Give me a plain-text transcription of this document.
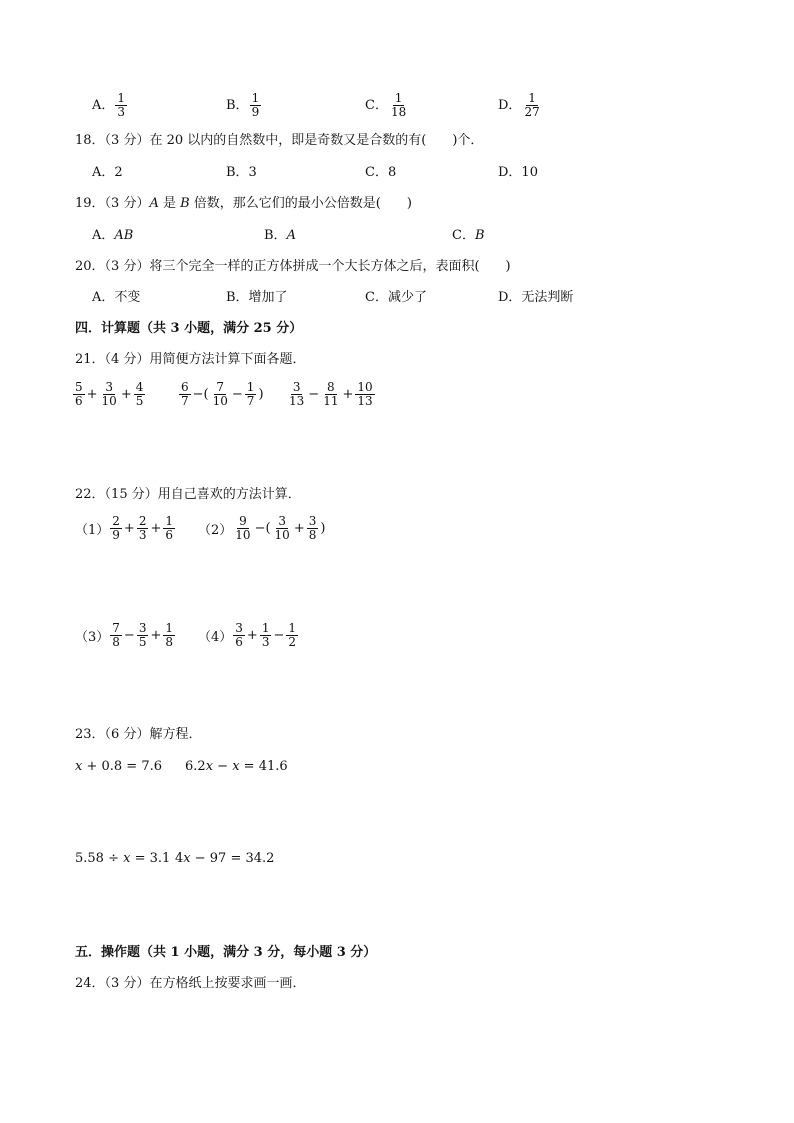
A． $\frac{1}{3}$	B． $\frac{1}{9}$	C． $\frac{1}{18}$	D． $\frac{1}{27}$
18．（3 分）在 20 以内的自然数中，即是奇数又是合数的有(　　)个．
A．2	B．3	C．8	D．10
19．（3 分）A 是 B 倍数，那么它们的最小公倍数是(　　)
A．AB	B．A	C．B
20．（3 分）将三个完全一样的正方体拼成一个大长方体之后，表面积(　　)
A．不变	B．增加了	C．减少了	D．无法判断
四．计算题（共 3 小题，满分 25 分）
21．（4 分）用简便方法计算下面各题．
$\frac{5}{6} + \frac{3}{10} + \frac{4}{5}$	$\frac{6}{7}$ −( $\frac{7}{10} - \frac{1}{7}$ ) $\frac{3}{13} - \frac{8}{11} + \frac{10}{13}$
22．（15 分）用自己喜欢的方法计算．
$(1) \frac{2}{9} + \frac{2}{3} + \frac{1}{6} (2) \frac{9}{10}$ −( $\frac{3}{10} + \frac{3}{8}$ )
$(3) \frac{7}{8} - \frac{3}{5} + \frac{1}{8} (4) \frac{3}{6} + \frac{1}{3} - \frac{1}{2}$
23．（6 分）解方程．
x + 0.8 = 7.6 6.2x − x = 41.6
5.58 ÷ x = 3.1 4x − 97 = 34.2
五．操作题（共 1 小题，满分 3 分，每小题 3 分）
24．（3 分）在方格纸上按要求画一画．
